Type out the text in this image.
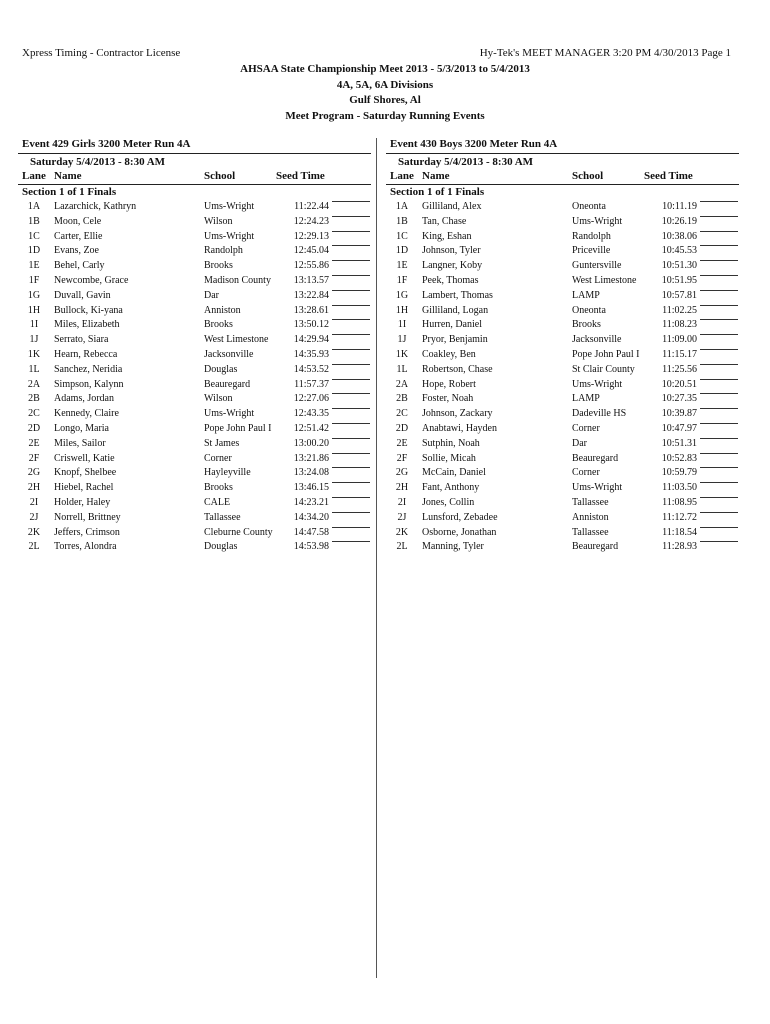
Xpress Timing - Contractor License	Hy-Tek's MEET MANAGER 3:20 PM 4/30/2013 Page 1
AHSAA State Championship Meet 2013 - 5/3/2013 to 5/4/2013
4A, 5A, 6A Divisions
Gulf Shores, Al
Meet Program - Saturday Running Events
Event 429 Girls 3200 Meter Run 4A
Saturday 5/4/2013 - 8:30 AM
Lane Name	School	Seed Time
Section 1 of 1 Finals
1A	Lazarchick, Kathryn	Ums-Wright	11:22.44
1B	Moon, Cele	Wilson	12:24.23
1C	Carter, Ellie	Ums-Wright	12:29.13
1D	Evans, Zoe	Randolph	12:45.04
1E	Behel, Carly	Brooks	12:55.86
1F	Newcombe, Grace	Madison County	13:13.57
1G	Duvall, Gavin	Dar	13:22.84
1H	Bullock, Ki-yana	Anniston	13:28.61
1I	Miles, Elizabeth	Brooks	13:50.12
1J	Serrato, Siara	West Limestone	14:29.94
1K	Hearn, Rebecca	Jacksonville	14:35.93
1L	Sanchez, Neridia	Douglas	14:53.52
2A	Simpson, Kalynn	Beauregard	11:57.37
2B	Adams, Jordan	Wilson	12:27.06
2C	Kennedy, Claire	Ums-Wright	12:43.35
2D	Longo, Maria	Pope John Paul I	12:51.42
2E	Miles, Sailor	St James	13:00.20
2F	Criswell, Katie	Corner	13:21.86
2G	Knopf, Shelbee	Hayleyville	13:24.08
2H	Hiebel, Rachel	Brooks	13:46.15
2I	Holder, Haley	CALE	14:23.21
2J	Norrell, Brittney	Tallassee	14:34.20
2K	Jeffers, Crimson	Cleburne County	14:47.58
2L	Torres, Alondra	Douglas	14:53.98
Event 430 Boys 3200 Meter Run 4A
Saturday 5/4/2013 - 8:30 AM
Lane Name	School	Seed Time
Section 1 of 1 Finals
1A	Gilliland, Alex	Oneonta	10:11.19
1B	Tan, Chase	Ums-Wright	10:26.19
1C	King, Eshan	Randolph	10:38.06
1D	Johnson, Tyler	Priceville	10:45.53
1E	Langner, Koby	Guntersville	10:51.30
1F	Peek, Thomas	West Limestone	10:51.95
1G	Lambert, Thomas	LAMP	10:57.81
1H	Gilliland, Logan	Oneonta	11:02.25
1I	Hurren, Daniel	Brooks	11:08.23
1J	Pryor, Benjamin	Jacksonville	11:09.00
1K	Coakley, Ben	Pope John Paul I	11:15.17
1L	Robertson, Chase	St Clair County	11:25.56
2A	Hope, Robert	Ums-Wright	10:20.51
2B	Foster, Noah	LAMP	10:27.35
2C	Johnson, Zackary	Dadeville HS	10:39.87
2D	Anabtawi, Hayden	Corner	10:47.97
2E	Sutphin, Noah	Dar	10:51.31
2F	Sollie, Micah	Beauregard	10:52.83
2G	McCain, Daniel	Corner	10:59.79
2H	Fant, Anthony	Ums-Wright	11:03.50
2I	Jones, Collin	Tallassee	11:08.95
2J	Lunsford, Zebadee	Anniston	11:12.72
2K	Osborne, Jonathan	Tallassee	11:18.54
2L	Manning, Tyler	Beauregard	11:28.93
